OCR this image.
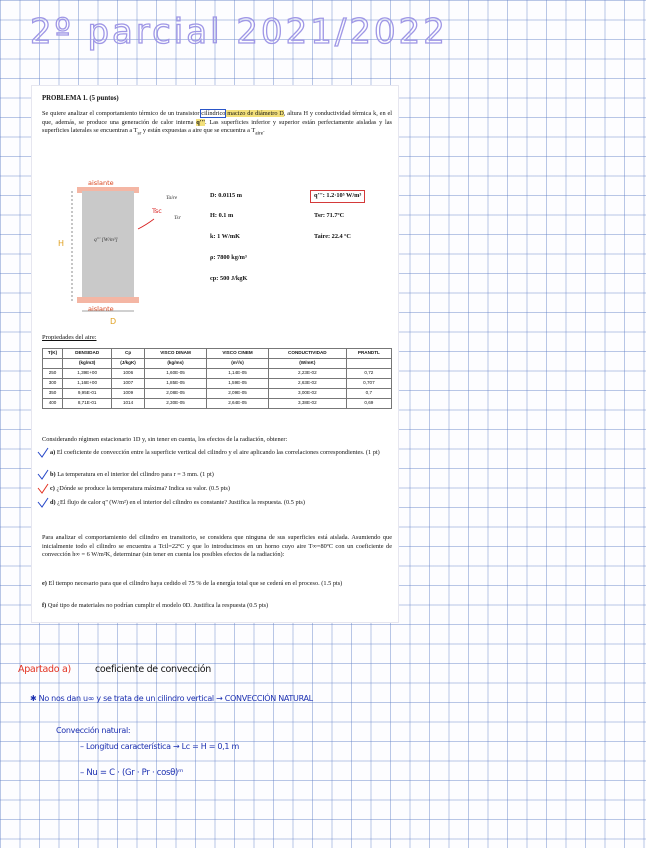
2º parcial 2021/2022
PROBLEMA 1. (5 puntos)
Se quiere analizar el comportamiento térmico de un transistor cilíndrico macizo de diámetro D, altura H y conductividad térmica k, en el que, además, se produce una generación de calor interna q'''. Las superficies inferior y superior están perfectamente aisladas y las superficies laterales se encuentran a $T_{sr}$ y están expuestas a aire que se encuentra a $T_{aire}$.
aislante
aislante
D
H
Tsc
q''' [W/m³]
Taire
Tsr
D: 0.0115 m
H: 0.1 m
k: 1 W/mK
ρ: 7800 kg/m³
cp: 500 J/kgK
q''': 1.2·10⁵ W/m³
Tsr: 71.7ºC
Taire: 22.4 ºC
Propiedades del aire:
T(K)	DENSIDAD	Cp	VISCO DINAM	VISCO CINEM	CONDUCTIVIDAD	PRANDTL
	(kg/m3)	(J/kgK)	(kg/ms)	(m²/s)	(W/mK)	
250	1,39E+00	1006	1,60E-05	1,14E-05	2,23E-02	0,72
300	1,16E+00	1007	1,85E-05	1,59E-05	2,63E-02	0,707
350	9,95E-01	1009	2,08E-05	2,09E-05	3,00E-02	0,7
400	8,71E-01	1014	2,30E-05	2,64E-05	3,38E-02	0,69
Considerando régimen estacionario 1D y, sin tener en cuenta, los efectos de la radiación, obtener:
a) El coeficiente de convección entre la superficie vertical del cilindro y el aire aplicando las correlaciones correspondientes. (1 pt)
b) La temperatura en el interior del cilindro para r = 3 mm. (1 pt)
c) ¿Dónde se produce la temperatura máxima? Indica su valor. (0.5 pts)
d) ¿El flujo de calor q'' (W/m²) en el interior del cilindro es constante? Justifica la respuesta. (0.5 pts)
Para analizar el comportamiento del cilindro en transitorio, se considera que ninguna de sus superficies está aislada. Asumiendo que inicialmente todo el cilindro se encuentra a Tcil=22ºC y que lo introducimos en un horno cuyo aire T∞=80ºC con un coeficiente de convección h∞ = 6 W/m²K, determinar (sin tener en cuenta los posibles efectos de la radiación):
e) El tiempo necesario para que el cilindro haya cedido el 75 % de la energía total que se cederá en el proceso. (1.5 pts)
f) Qué tipo de materiales no podrían cumplir el modelo 0D. Justifica la respuesta (0.5 pts)
Apartado a)	coeficiente de convección
✱ No nos dan u∞ y se trata de un cilindro vertical → CONVECCIÓN NATURAL
Convección natural:
– Longitud característica → Lc = H = 0,1 m
– Nu = C · (Gr · Pr · cosθ)ᵐ
